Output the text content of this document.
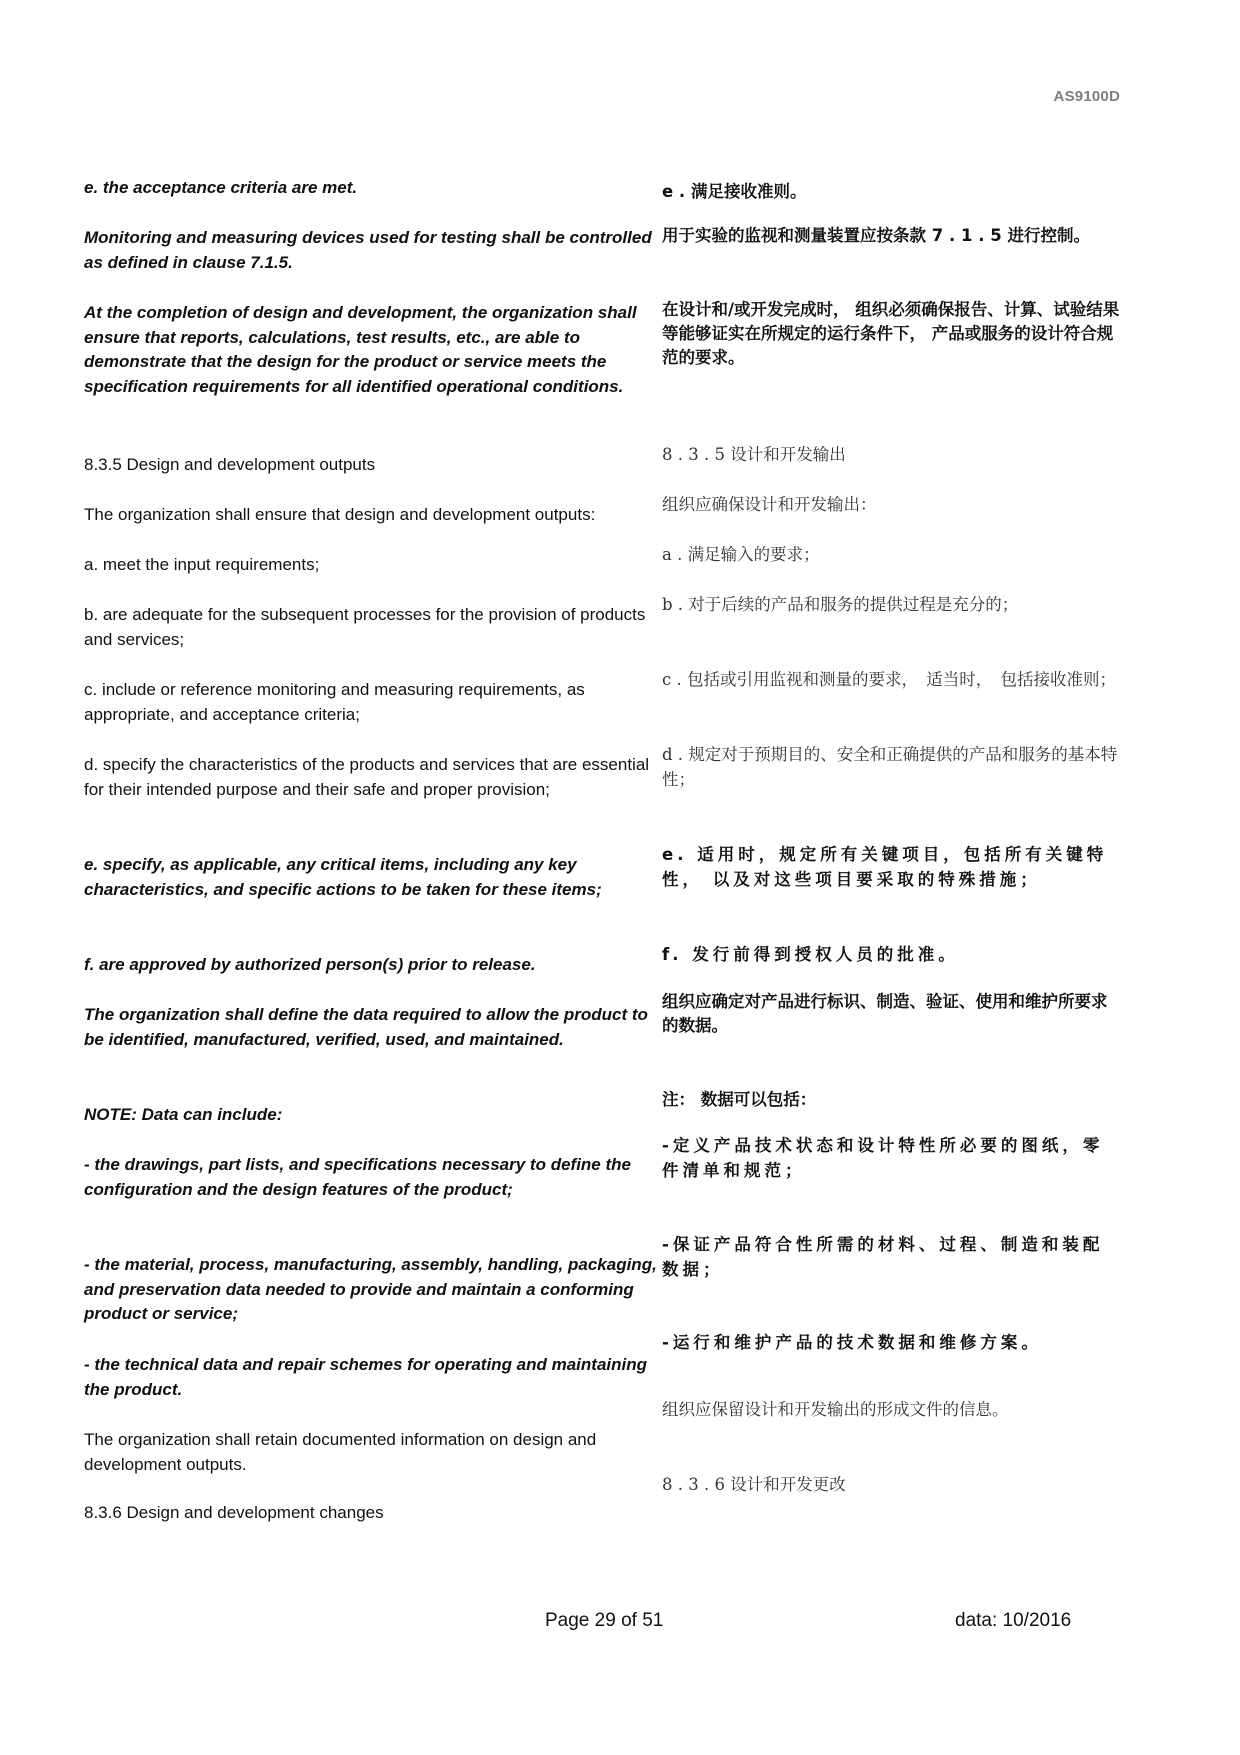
AS9100D

e. the acceptance criteria are met.

Monitoring and measuring devices used for testing shall be controlled as defined in clause 7.1.5.

At the completion of design and development, the organization shall ensure that reports, calculations, test results, etc., are able to demonstrate that the design for the product or service meets the specification requirements for all identified operational conditions.

8.3.5 Design and development outputs

The organization shall ensure that design and development outputs:

a. meet the input requirements;

b. are adequate for the subsequent processes for the provision of products and services;

c. include or reference monitoring and measuring requirements, as appropriate, and acceptance criteria;

d. specify the characteristics of the products and services that are essential for their intended purpose and their safe and proper provision;

e. specify, as applicable, any critical items, including any key characteristics, and specific actions to be taken for these items;

f. are approved by authorized person(s) prior to release.

The organization shall define the data required to allow the product to be identified, manufactured, verified, used, and maintained.

NOTE: Data can include:

- the drawings, part lists, and specifications necessary to define the configuration and the design features of the product;

- the material, process, manufacturing, assembly, handling, packaging, and preservation data needed to provide and maintain a conforming product or service;

- the technical data and repair schemes for operating and maintaining the product.

The organization shall retain documented information on design and development outputs.

8.3.6 Design and development changes

e . 满足接收准则。

用于实验的监视和测量装置应按条款 7 . 1 . 5 进行控制。

在设计和/或开发完成时， 组织必须确保报告、计算、试验结果等能够证实在所规定的运行条件下， 产品或服务的设计符合规范的要求。

8 . 3 . 5 设计和开发输出

组织应确保设计和开发输出：

a . 满足输入的要求；

b . 对于后续的产品和服务的提供过程是充分的；

c . 包括或引用监视和测量的要求，　适当时，　包括接收准则；

d . 规定对于预期目的、安全和正确提供的产品和服务的基本特性；

e. 适用时，规定所有关键项目，包括所有关键特性， 以及对这些项目要采取的特殊措施；

f. 发行前得到授权人员的批准。

组织应确定对产品进行标识、制造、验证、使用和维护所要求的数据。

注： 数据可以包括：

-定义产品技术状态和设计特性所必要的图纸，零件清单和规范；

-保证产品符合性所需的材料、过程、制造和装配数据；

-运行和维护产品的技术数据和维修方案。

组织应保留设计和开发输出的形成文件的信息。

8 . 3 . 6 设计和开发更改

Page 29 of 51	data: 10/2016
